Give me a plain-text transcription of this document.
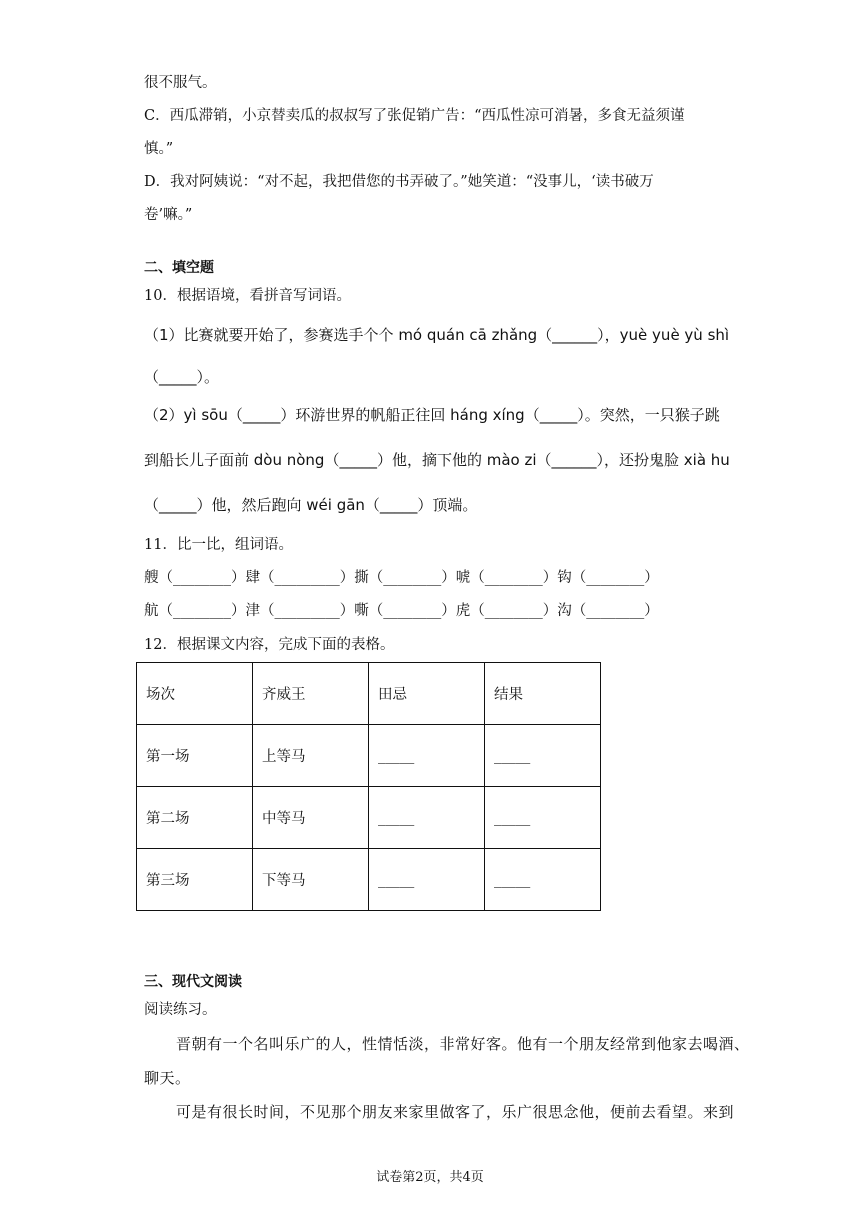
很不服气。
C．西瓜滞销，小京替卖瓜的叔叔写了张促销广告：“西瓜性凉可消暑，多食无益须谨
慎。”
D．我对阿姨说：“对不起，我把借您的书弄破了。”她笑道：“没事儿，‘读书破万
卷’嘛。”
二、填空题
10．根据语境，看拼音写词语。
（1）比赛就要开始了，参赛选手个个 mó quán cā zhǎng（______），yuè yuè yù shì
（_____）。
（2）yì sōu（_____）环游世界的帆船正往回 háng xíng（_____）。突然，一只猴子跳
到船长儿子面前 dòu nòng（_____）他，摘下他的 mào zi（______），还扮鬼脸 xià hu
（_____）他，然后跑向 wéi gān（_____）顶端。
11．比一比，组词语。
艘（________）肆（_________）撕（________）唬（________）钩（________）
航（________）津（_________）嘶（________）虎（________）沟（________）
12．根据课文内容，完成下面的表格。
场次	齐威王	田忌	结果
第一场	上等马	_____	_____
第二场	中等马	_____	_____
第三场	下等马	_____	_____
三、现代文阅读
阅读练习。
晋朝有一个名叫乐广的人，性情恬淡，非常好客。他有一个朋友经常到他家去喝酒、
聊天。
可是有很长时间，不见那个朋友来家里做客了，乐广很思念他，便前去看望。来到
试卷第2页，共4页
